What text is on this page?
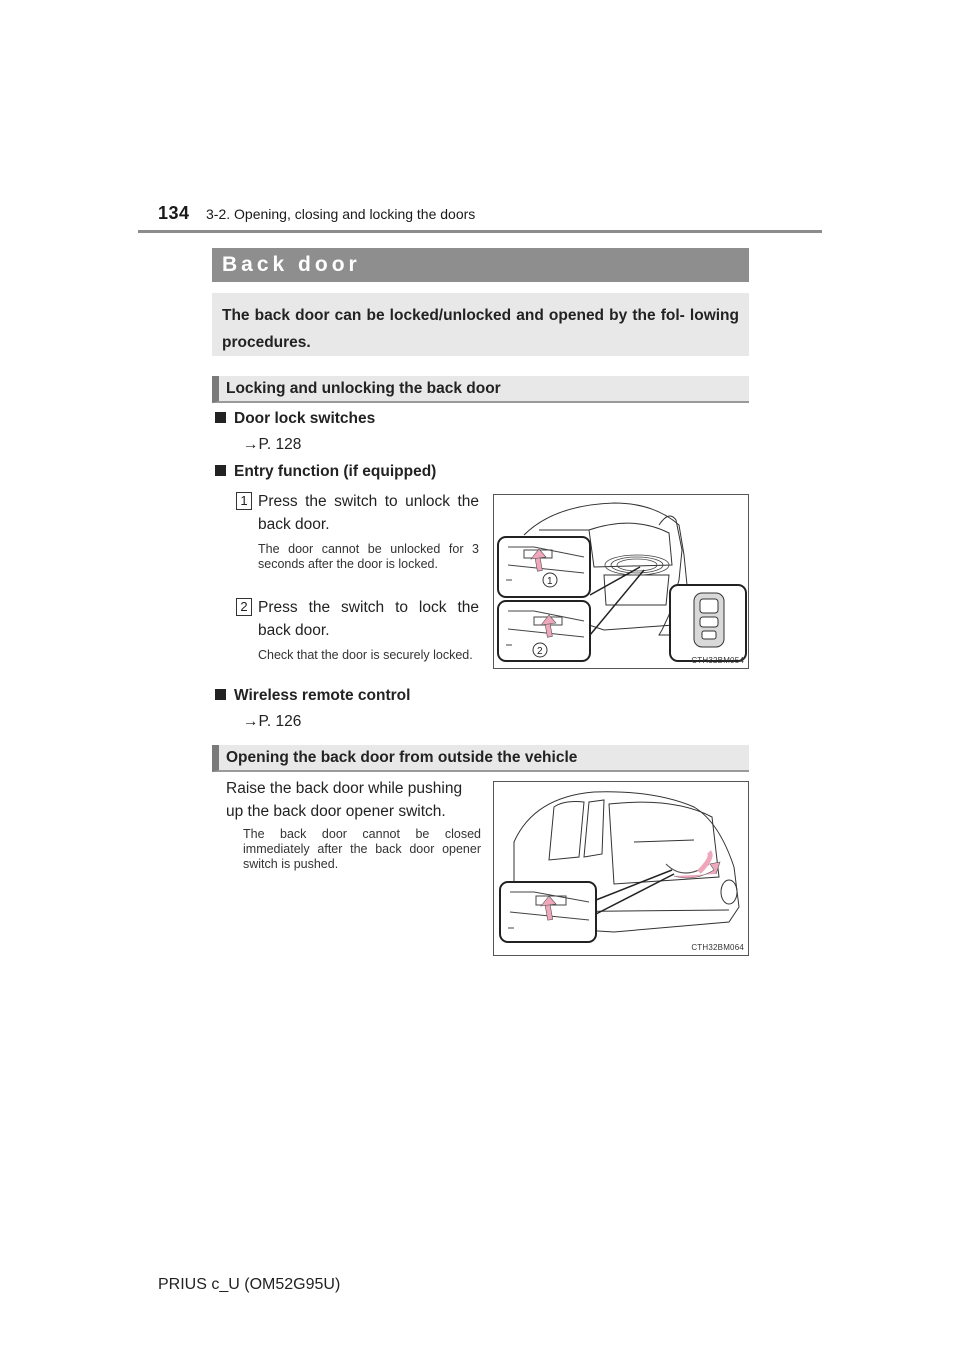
134 3-2. Opening, closing and locking the doors
Back door
The back door can be locked/unlocked and opened by the fol- lowing procedures.
Locking and unlocking the back door
Door lock switches
→P. 128
Entry function (if equipped)
1 Press the switch to unlock the back door.
The door cannot be unlocked for 3 seconds after the door is locked.
2 Press the switch to lock the back door.
Check that the door is securely locked.
1
2
CTH32BM054
Wireless remote control
→P. 126
Opening the back door from outside the vehicle
Raise the back door while pushing up the back door opener switch.
The back door cannot be closed immediately after the back door opener switch is pushed.
CTH32BM064
PRIUS c_U (OM52G95U)
